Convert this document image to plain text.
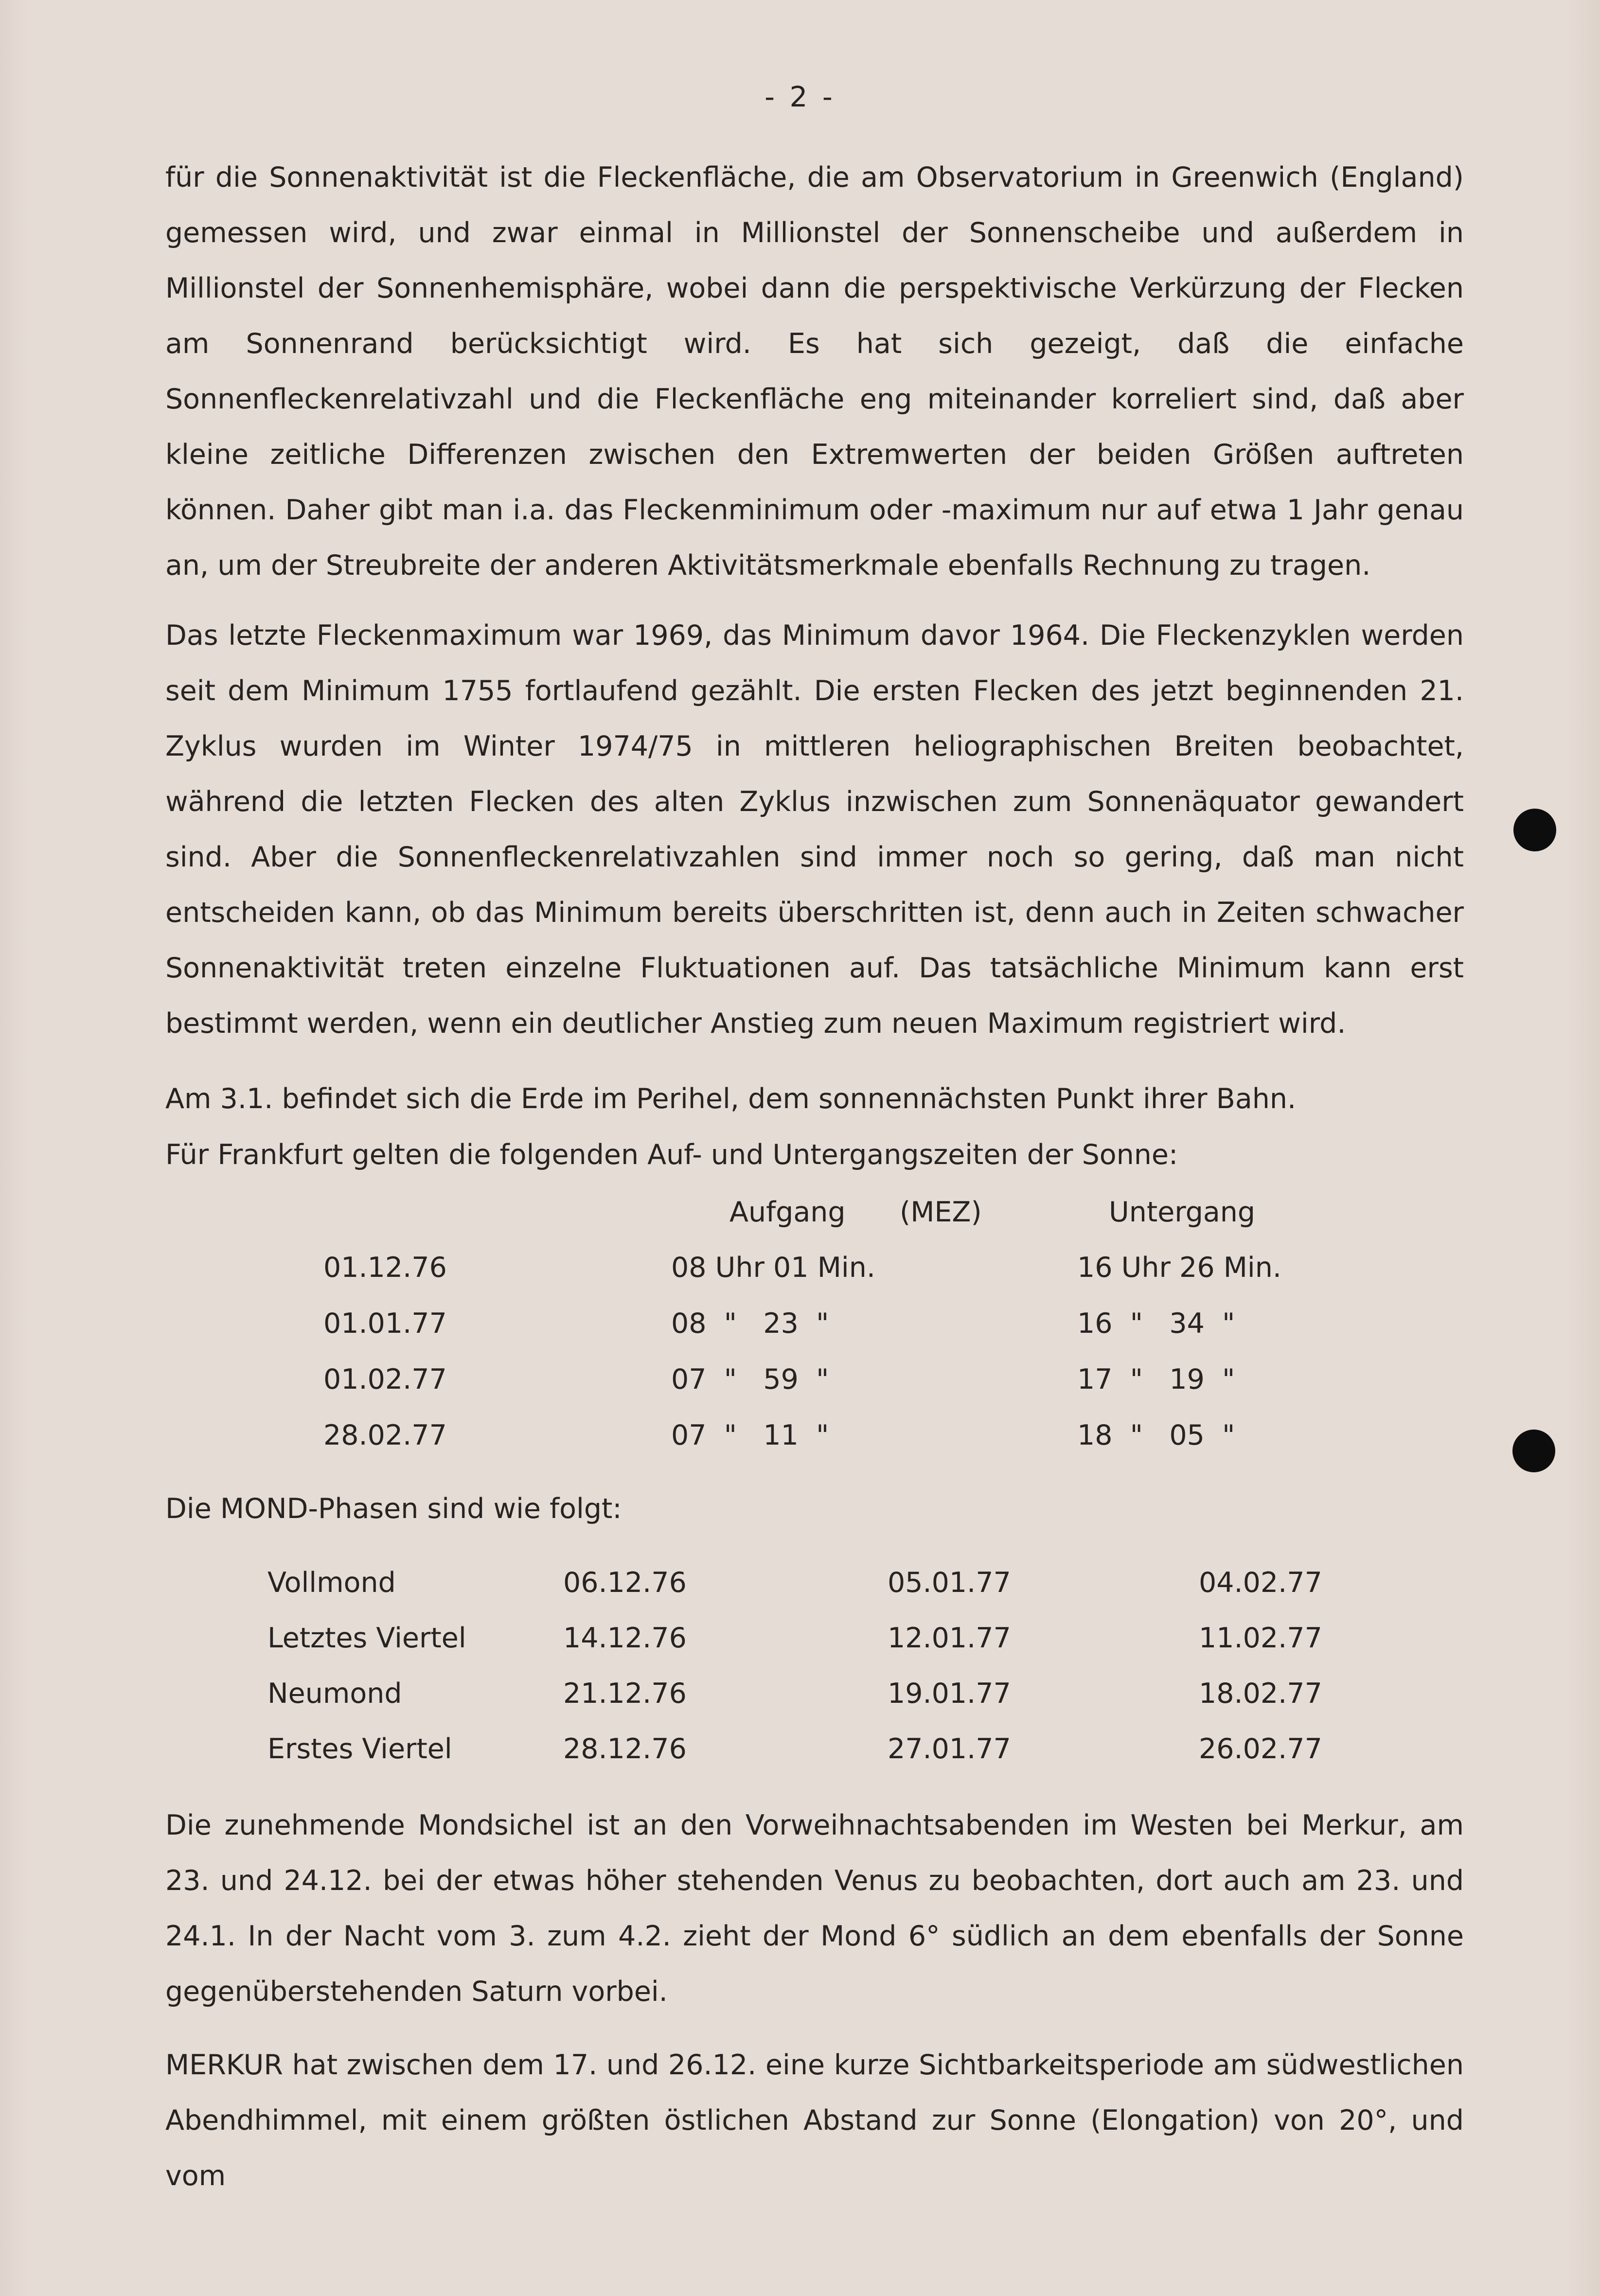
- 2 -
für die Sonnenaktivität ist die Fleckenfläche, die am Observatorium in Greenwich (England) gemessen wird, und zwar einmal in Millionstel der Sonnenscheibe und außerdem in Millionstel der Sonnenhemisphäre, wobei dann die perspektivische Verkürzung der Flecken am Sonnenrand berücksichtigt wird. Es hat sich gezeigt, daß die einfache Sonnenfleckenrelativzahl und die Fleckenfläche eng miteinander korreliert sind, daß aber kleine zeitliche Differenzen zwischen den Extremwerten der beiden Größen auftreten können. Daher gibt man i.a. das Fleckenminimum oder -maximum nur auf etwa 1 Jahr genau an, um der Streubreite der anderen Aktivitätsmerkmale ebenfalls Rechnung zu tragen.
Das letzte Fleckenmaximum war 1969, das Minimum davor 1964. Die Fleckenzyklen werden seit dem Minimum 1755 fortlaufend gezählt. Die ersten Flecken des jetzt beginnenden 21. Zyklus wurden im Winter 1974/75 in mittleren heliographischen Breiten beobachtet, während die letzten Flecken des alten Zyklus inzwischen zum Sonnenäquator gewandert sind. Aber die Sonnenfleckenrelativzahlen sind immer noch so gering, daß man nicht entscheiden kann, ob das Minimum bereits überschritten ist, denn auch in Zeiten schwacher Sonnenaktivität treten einzelne Fluktuationen auf. Das tatsächliche Minimum kann erst bestimmt werden, wenn ein deutlicher Anstieg zum neuen Maximum registriert wird.
Am 3.1. befindet sich die Erde im Perihel, dem sonnennächsten Punkt ihrer Bahn.
Für Frankfurt gelten die folgenden Auf- und Untergangszeiten der Sonne:
Aufgang (MEZ)	Untergang
01.12.76	08 Uhr 01 Min.	16 Uhr 26 Min.
01.01.77	08  "   23  "	16  "   34  "
01.02.77	07  "   59  "	17  "   19  "
28.02.77	07  "   11  "	18  "   05  "
Die MOND-Phasen sind wie folgt:
Vollmond	06.12.76	05.01.77	04.02.77
Letztes Viertel	14.12.76	12.01.77	11.02.77
Neumond	21.12.76	19.01.77	18.02.77
Erstes Viertel	28.12.76	27.01.77	26.02.77
Die zunehmende Mondsichel ist an den Vorweihnachtsabenden im Westen bei Merkur, am 23. und 24.12. bei der etwas höher stehenden Venus zu beobachten, dort auch am 23. und 24.1. In der Nacht vom 3. zum 4.2. zieht der Mond 6° südlich an dem ebenfalls der Sonne gegenüberstehenden Saturn vorbei.
MERKUR hat zwischen dem 17. und 26.12. eine kurze Sichtbarkeitsperiode am südwestlichen Abendhimmel, mit einem größten östlichen Abstand zur Sonne (Elongation) von 20°, und vom
